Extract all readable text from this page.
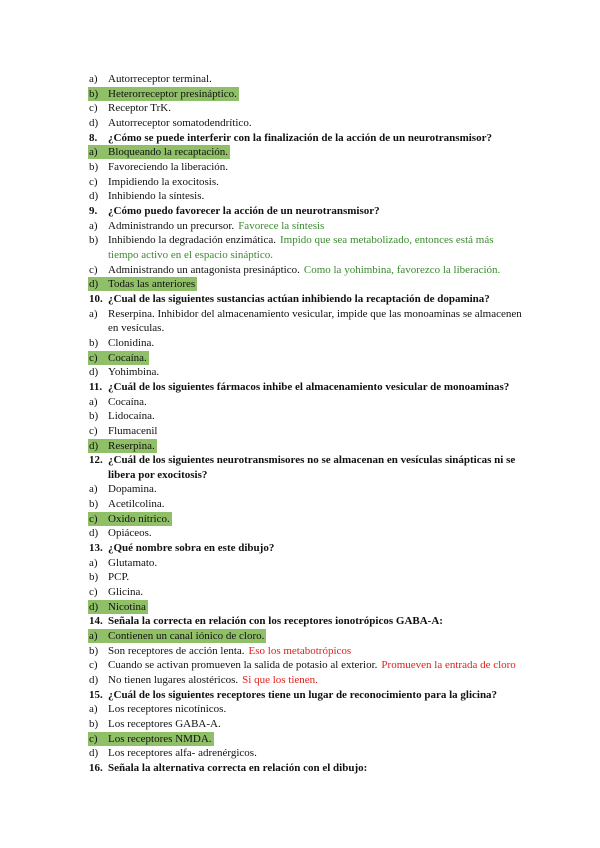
a) Autorreceptor terminal.
b) Heterorreceptor presináptico.
c) Receptor TrK.
d) Autorreceptor somatodendrítico.
8. ¿Cómo se puede interferir con la finalización de la acción de un neurotransmisor?
a) Bloqueando la recaptación.
b) Favoreciendo la liberación.
c) Impidiendo la exocitosis.
d) Inhibiendo la síntesis.
9. ¿Cómo puedo favorecer la acción de un neurotransmisor?
a) Administrando un precursor. Favorece la síntesis
b) Inhibiendo la degradación enzimática. Impido que sea metabolizado, entonces está más
tiempo activo en el espacio sináptico.
c) Administrando un antagonista presináptico. Como la yohimbina, favorezco la liberación.
d) Todas las anteriores
10. ¿Cual de las siguientes sustancias actúan inhibiendo la recaptación de dopamina?
a) Reserpina. Inhibidor del almacenamiento vesicular, impide que las monoaminas se almacenen
en vesículas.
b) Clonidina.
c) Cocaína.
d) Yohimbina.
11. ¿Cuál de los siguientes fármacos inhibe el almacenamiento vesicular de monoaminas?
a) Cocaína.
b) Lidocaína.
c) Flumacenil
d) Reserpina.
12. ¿Cuál de los siguientes neurotransmisores no se almacenan en vesículas sinápticas ni se
libera por exocitosis?
a) Dopamina.
b) Acetilcolina.
c) Oxido nítrico.
d) Opiáceos.
13. ¿Qué nombre sobra en este dibujo?
a) Glutamato.
b) PCP.
c) Glicina.
d) Nicotina
14. Señala la correcta en relación con los receptores ionotrópicos GABA-A:
a) Contienen un canal iónico de cloro.
b) Son receptores de acción lenta. Eso los metabotrópicos
c) Cuando se activan promueven la salida de potasio al exterior. Promueven la entrada de cloro
d) No tienen lugares alostéricos. Si que los tienen.
15. ¿Cuál de los siguientes receptores tiene un lugar de reconocimiento para la glicina?
a) Los receptores nicotínicos.
b) Los receptores GABA-A.
c) Los receptores NMDA.
d) Los receptores alfa- adrenérgicos.
16. Señala la alternativa correcta en relación con el dibujo:
